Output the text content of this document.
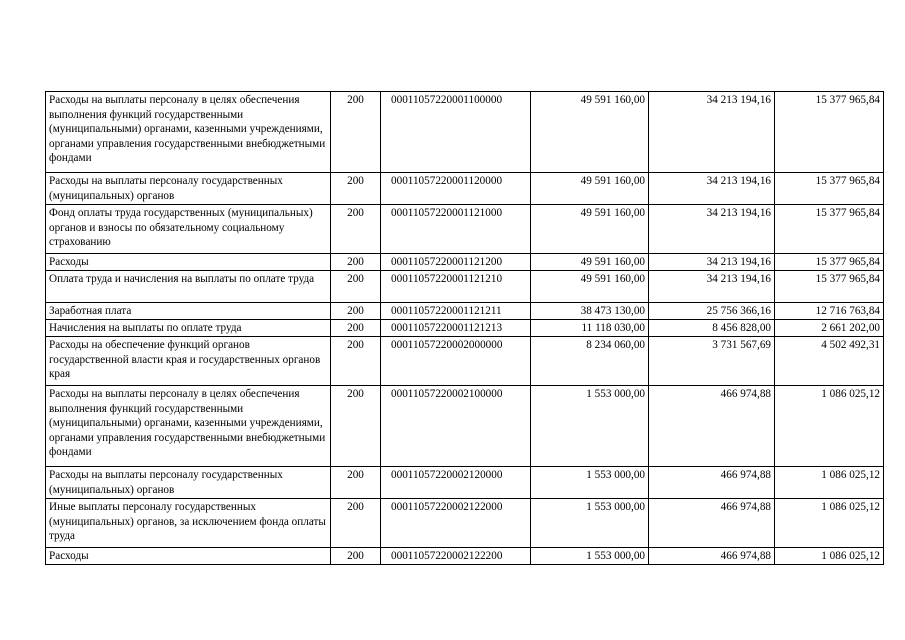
Расходы на выплаты персоналу в целях обеспечения выполнения функций государственными (муниципальными) органами, казенными учреждениями, органами управления государственными внебюджетными фондами	200	00011057220001100000	49 591 160,00	34 213 194,16	15 377 965,84
Расходы на выплаты персоналу государственных (муниципальных) органов	200	00011057220001120000	49 591 160,00	34 213 194,16	15 377 965,84
Фонд оплаты труда государственных (муниципальных) органов и взносы по обязательному социальному страхованию	200	00011057220001121000	49 591 160,00	34 213 194,16	15 377 965,84
Расходы	200	00011057220001121200	49 591 160,00	34 213 194,16	15 377 965,84
Оплата труда и начисления на выплаты по оплате труда	200	00011057220001121210	49 591 160,00	34 213 194,16	15 377 965,84
Заработная плата	200	00011057220001121211	38 473 130,00	25 756 366,16	12 716 763,84
Начисления на выплаты по оплате труда	200	00011057220001121213	11 118 030,00	8 456 828,00	2 661 202,00
Расходы на обеспечение функций органов государственной власти края и государственных органов края	200	00011057220002000000	8 234 060,00	3 731 567,69	4 502 492,31
Расходы на выплаты персоналу в целях обеспечения выполнения функций государственными (муниципальными) органами, казенными учреждениями, органами управления государственными внебюджетными фондами	200	00011057220002100000	1 553 000,00	466 974,88	1 086 025,12
Расходы на выплаты персоналу государственных (муниципальных) органов	200	00011057220002120000	1 553 000,00	466 974,88	1 086 025,12
Иные выплаты персоналу государственных (муниципальных) органов, за исключением фонда оплаты труда	200	00011057220002122000	1 553 000,00	466 974,88	1 086 025,12
Расходы	200	00011057220002122200	1 553 000,00	466 974,88	1 086 025,12
